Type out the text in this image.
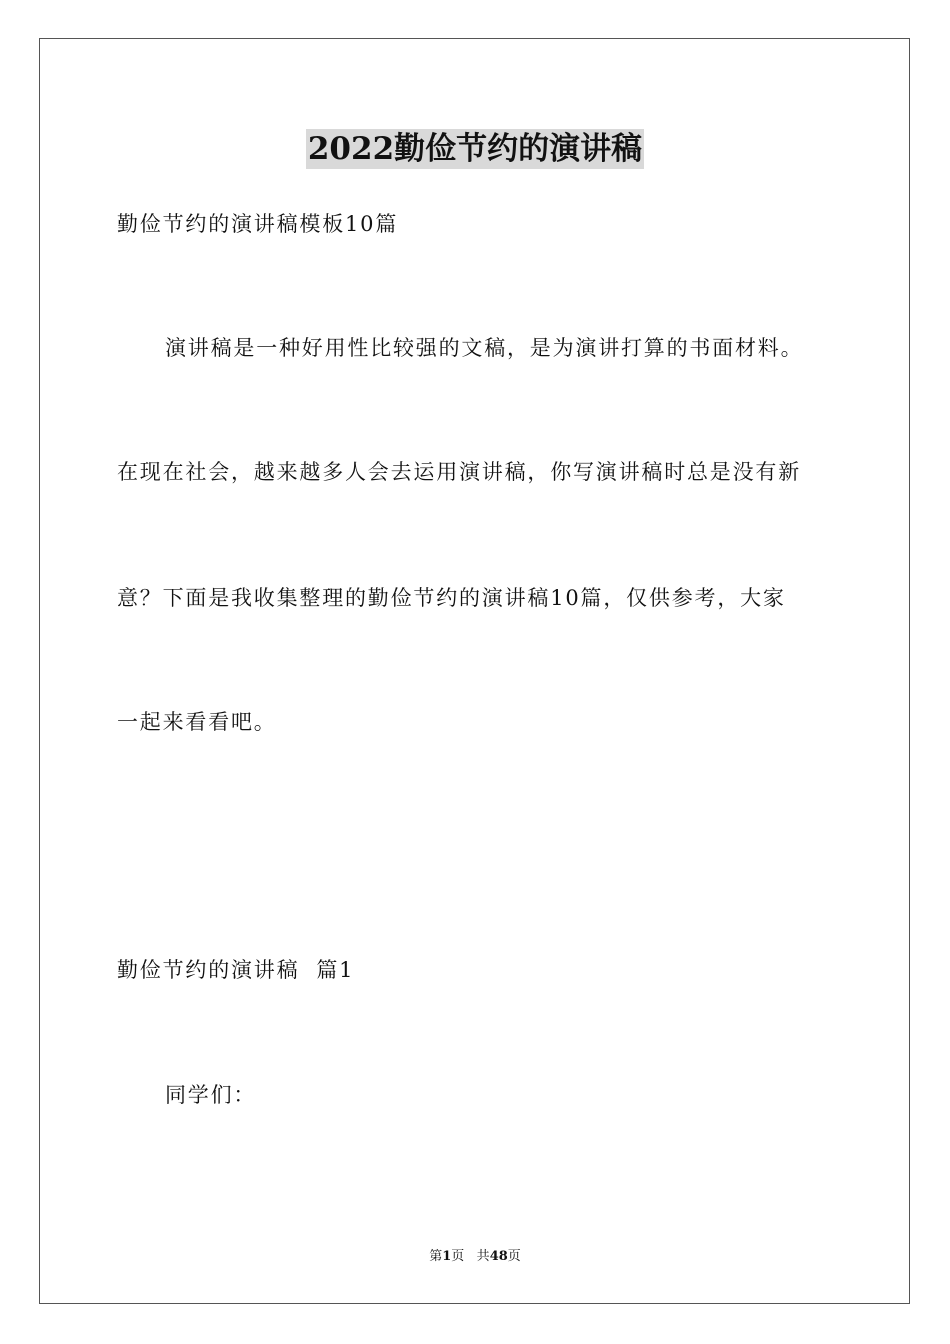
2022勤俭节约的演讲稿

勤俭节约的演讲稿模板10篇

演讲稿是一种好用性比较强的文稿，是为演讲打算的书面材料。

在现在社会，越来越多人会去运用演讲稿，你写演讲稿时总是没有新

意？下面是我收集整理的勤俭节约的演讲稿10篇，仅供参考，大家

一起来看看吧。

勤俭节约的演讲稿  篇1

同学们：

第1页 共48页
